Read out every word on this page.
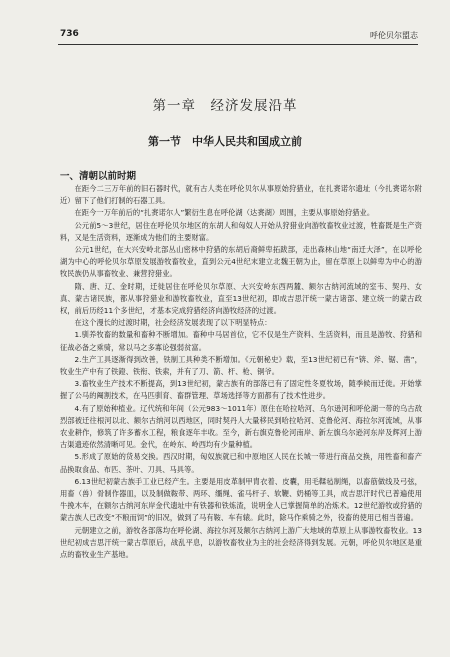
736	呼伦贝尔盟志
第一章　经济发展沿革
第一节　中华人民共和国成立前
一、清朝以前时期

在距今二三万年前的旧石器时代，就有古人类在呼伦贝尔从事原始狩猎业，在扎赉诺尔遗址（今扎赉诺尔附近）留下了他们打制的石器工具。

在距今一万年前后的“扎赉诺尔人”繁衍生息在呼伦湖（达赉湖）周围，主要从事原始狩猎业。

公元前5～3世纪，居住在呼伦贝尔地区的东胡人和匈奴人开始从狩猎业向游牧畜牧业过渡，牲畜既是生产资料，又是生活资料，逐渐成为他们的主要财富。

公元1世纪，在大兴安岭北部丛山密林中狩猎的东胡后裔鲜卑拓跋部，走出森林山地“南迁大泽”，在以呼伦湖为中心的呼伦贝尔草原发展游牧畜牧业，直到公元4世纪末建立北魏王朝为止，留在草原上以鲜卑为中心的游牧民族仍从事畜牧业、兼营狩猎业。

隋、唐、辽、金时期，迁徙居住在呼伦贝尔草原、大兴安岭东西两麓、额尔古纳河流域的室韦、契丹、女真、蒙古诸民族，都从事狩猎业和游牧畜牧业，直至13世纪初，即成吉思汗统一蒙古诸部、建立统一的蒙古政权，前后历经11个多世纪，才基本完成狩猎经济向游牧经济的过渡。

在这个漫长的过渡时期，社会经济发展表现了以下明显特点：

1.驯养牧畜的数量和畜种不断增加。畜种中马居首位，它不仅是生产资料、生活资料，而且是游牧、狩猎和征战必备之乘骑，常以马之多寡论强弱贫富。

2.生产工具逐渐得到改善，铁制工具种类不断增加。《元朝秘史》载，至13世纪初已有“锛、斧、锯、凿”，牧业生产中有了铁鐙、铁衔、铁索，并有了刀、箭、杆、枪、铜爷。

3.畜牧业生产技术不断提高，到13世纪初，蒙古族有的部落已有了固定性冬夏牧场，随季候而迁徙。开始掌握了公马的阉割技术，在马匹驯育、畜群管理、草场选择等方面都有了技术性进步。

4.有了原始种植业。辽代统和年间（公元983～1011年）原住在哈拉哈河、乌尔逊河和呼伦湖一带的乌古敌烈部被迁往根河以北、额尔古纳河以西地区，同时契丹人大量移民到哈拉哈河、克鲁伦河、海拉尔河流域，从事农业耕作，修筑了许多蓄水工程，粮食逐年丰收。至今，新右旗克鲁伦河南岸、新左旗乌尔逊河东岸及辉河上游古渠遗迹依然清晰可见。金代，在岭东、岭西均有少量种植。

5.形成了原始的货易交换。西汉时期，匈奴族就已和中原地区人民在长城一带进行商品交换，用牲畜和畜产品换取食品、布匹、茶叶、刀具、马具等。

6.13世纪初蒙古族手工业已经产生。主要是用皮革制甲胄衣着、皮囊，用毛鞣毡制绳，以畜筋做线及弓弦，用畜（兽）骨制作器皿，以及制做鞍带、两环、缰绳、雀马杆子、软鞭、奶桶等工具，成吉思汗时代已普遍使用牛挽木车，在额尔古纳河东岸金代遗址中有铁器和铁炼渣，说明金人已掌握简单的冶炼术。12世纪游牧或狩猎的蒙古族人已改变“不粮而饲”的旧况，做到了马有鞍、车有辕。此时，除马作乘骑之外，役畜的使用已相当普遍。

元朝建立之前，游牧各部落均在呼伦湖、海拉尔河及额尔古纳河上游广大地域的草原上从事游牧畜牧业。13世纪初成吉思汗统一蒙古草原后，战乱平息，以游牧畜牧业为主的社会经济得到发展。元朝，呼伦贝尔地区是重点的畜牧业生产基地。
